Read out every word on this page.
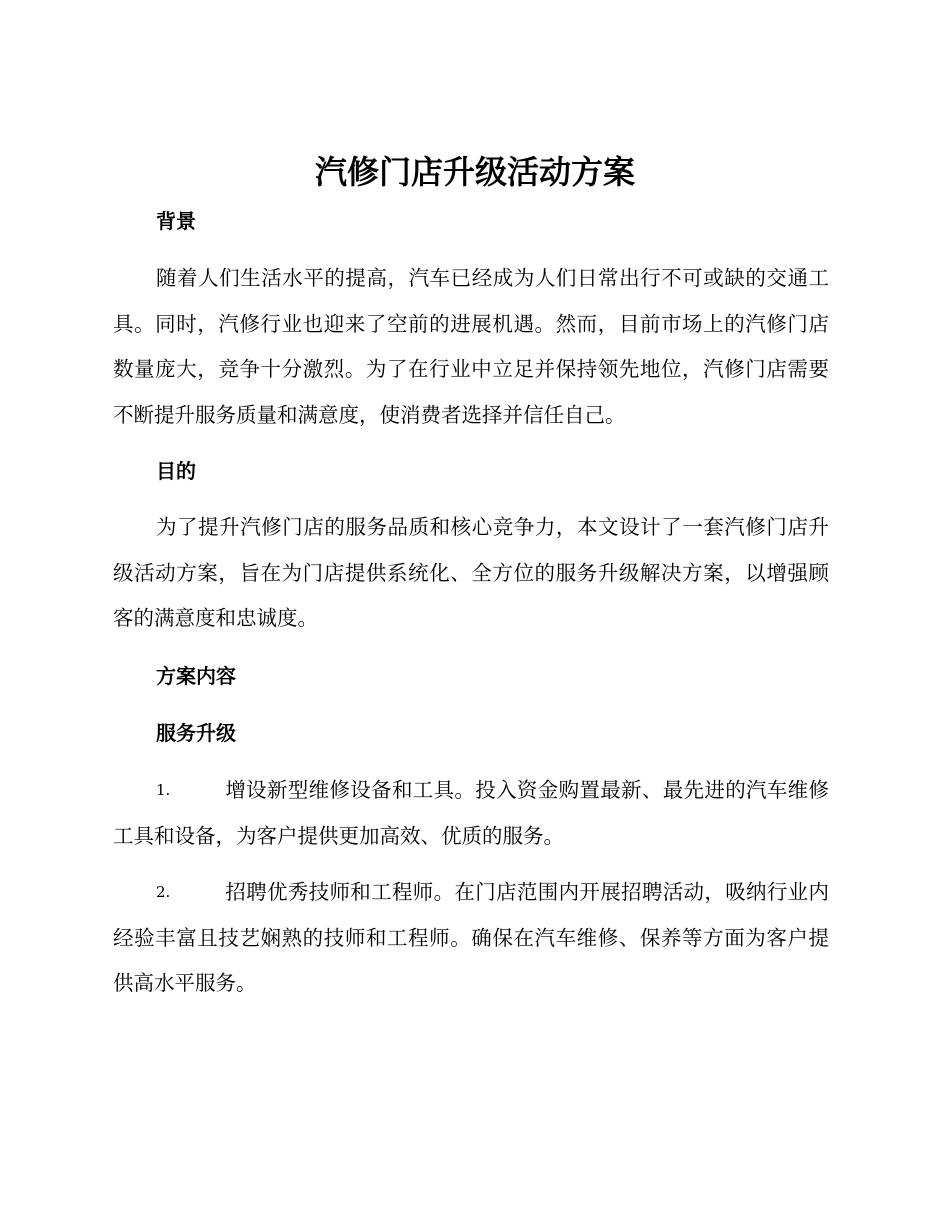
汽修门店升级活动方案
背景

随着人们生活水平的提高，汽车已经成为人们日常出行不可或缺的交通工具。同时，汽修行业也迎来了空前的进展机遇。然而，目前市场上的汽修门店数量庞大，竞争十分激烈。为了在行业中立足并保持领先地位，汽修门店需要不断提升服务质量和满意度，使消费者选择并信任自己。

目的

为了提升汽修门店的服务品质和核心竞争力，本文设计了一套汽修门店升级活动方案，旨在为门店提供系统化、全方位的服务升级解决方案，以增强顾客的满意度和忠诚度。

方案内容
服务升级

1.	增设新型维修设备和工具。投入资金购置最新、最先进的汽车维修工具和设备，为客户提供更加高效、优质的服务。

2.	招聘优秀技师和工程师。在门店范围内开展招聘活动，吸纳行业内经验丰富且技艺娴熟的技师和工程师。确保在汽车维修、保养等方面为客户提供高水平服务。
